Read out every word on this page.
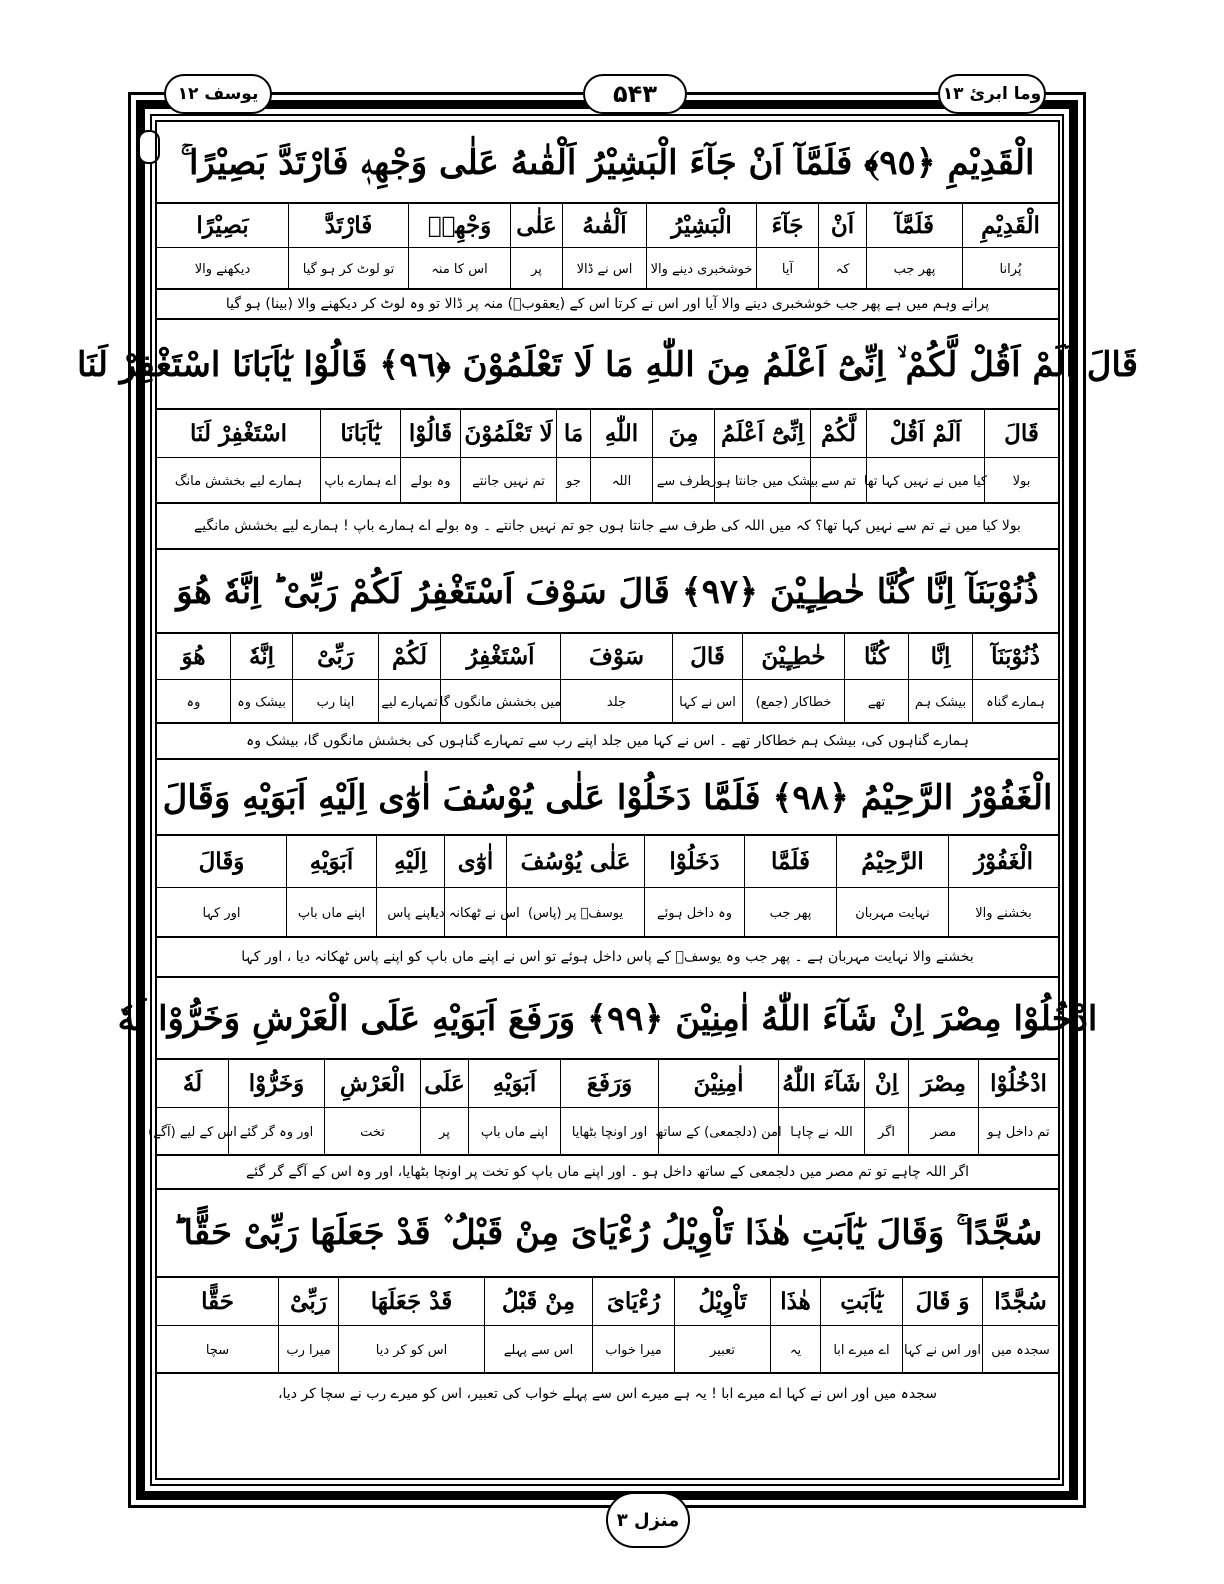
یوسف ۱۲	۵۴۳	وما ابرئ ۱۳
الْقَدِيْمِ ﴿٩٥﴾ فَلَمَّآ اَنْ جَآءَ الْبَشِيْرُ اَلْقٰىهُ عَلٰى وَجْهِهٖ فَارْتَدَّ بَصِيْرًا ۚ
الْقَدِيْمِ
فَلَمَّآ
اَنْ
جَآءَ
الْبَشِيْرُ
اَلْقٰىهُ
عَلٰى
وَجْهِهٖ
فَارْتَدَّ
بَصِيْرًا
پُرانا
پھر جب
کہ
آیا
خوشخبری دینے والا
اس نے ڈالا
پر
اس کا منہ
تو لوٹ کر ہو گیا
دیکھنے والا
پرانے وہم میں ہے پھر جب خوشخبری دینے والا آیا اور اس نے کرتا اس کے (یعقوبؑ) منہ پر ڈالا تو وہ لوٹ کر دیکھنے والا (بینا) ہو گیا
قَالَ اَلَمْ اَقُلْ لَّكُمْ ۙ اِنِّىْٓ اَعْلَمُ مِنَ اللّٰهِ مَا لَا تَعْلَمُوْنَ ﴿٩٦﴾ قَالُوْا يٰٓاَبَانَا اسْتَغْفِرْ لَنَا
قَالَ
اَلَمْ اَقُلْ
لَّكُمْ
اِنِّىْٓ اَعْلَمُ
مِنَ
اللّٰهِ
مَا
لَا تَعْلَمُوْنَ
قَالُوْا
يٰٓاَبَانَا
اسْتَغْفِرْ لَنَا
بولا
کیا میں نے نہیں کہا تھا
تم سے
بیشک میں جانتا ہوں
طرف سے
اللہ
جو
تم نہیں جانتے
وہ بولے
اے ہمارے باپ
ہمارے لیے بخشش مانگ
بولا کیا میں نے تم سے نہیں کہا تھا؟ کہ میں اللہ کی طرف سے جانتا ہوں جو تم نہیں جانتے ۔ وہ بولے اے ہمارے باپ ! ہمارے لیے بخشش مانگیے
ذُنُوْبَنَآ اِنَّا كُنَّا خٰطِـِٕيْنَ ﴿٩٧﴾ قَالَ سَوْفَ اَسْتَغْفِرُ لَكُمْ رَبِّىْ ؕ اِنَّهٗ هُوَ
ذُنُوْبَنَآ
اِنَّا
كُنَّا
خٰطِـِٕيْنَ
قَالَ
سَوْفَ
اَسْتَغْفِرُ
لَكُمْ
رَبِّىْ
اِنَّهٗ
هُوَ
ہمارے گناہ
بیشک ہم
تھے
خطاکار (جمع)
اس نے کہا
جلد
میں بخشش مانگوں گا
تمہارے لیے
اپنا رب
بیشک وہ
وہ
ہمارے گناہوں کی، بیشک ہم خطاکار تھے ۔ اس نے کہا میں جلد اپنے رب سے تمہارے گناہوں کی بخشش مانگوں گا، بیشک وہ
الْغَفُوْرُ الرَّحِيْمُ ﴿٩٨﴾ فَلَمَّا دَخَلُوْا عَلٰى يُوْسُفَ اٰوٰٓى اِلَيْهِ اَبَوَيْهِ وَقَالَ
الْغَفُوْرُ
الرَّحِيْمُ
فَلَمَّا
دَخَلُوْا
عَلٰى يُوْسُفَ
اٰوٰٓى
اِلَيْهِ
اَبَوَيْهِ
وَقَالَ
بخشنے والا
نہایت مہربان
پھر جب
وہ داخل ہوئے
یوسفؑ پر (پاس)
اس نے ٹھکانہ دیا
اپنے پاس
اپنے ماں باپ
اور کہا
بخشنے والا نہایت مہربان ہے ۔ پھر جب وہ یوسفؑ کے پاس داخل ہوئے تو اس نے اپنے ماں باپ کو اپنے پاس ٹھکانہ دیا ، اور کہا
ادْخُلُوْا مِصْرَ اِنْ شَآءَ اللّٰهُ اٰمِنِيْنَ ﴿٩٩﴾ وَرَفَعَ اَبَوَيْهِ عَلَى الْعَرْشِ وَخَرُّوْا لَهٗ
ادْخُلُوْا
مِصْرَ
اِنْ
شَآءَ اللّٰهُ
اٰمِنِيْنَ
وَرَفَعَ
اَبَوَيْهِ
عَلَى
الْعَرْشِ
وَخَرُّوْا
لَهٗ
تم داخل ہو
مصر
اگر
اللہ نے چاہا
امن (دلجمعی) کے ساتھ
اور اونچا بٹھایا
اپنے ماں باپ
پر
تخت
اور وہ گر گئے
اس کے لیے (آگے)
اگر اللہ چاہے تو تم مصر میں دلجمعی کے ساتھ داخل ہو ۔ اور اپنے ماں باپ کو تخت پر اونچا بٹھایا، اور وہ اس کے آگے گر گئے
سُجَّدًا ۚ وَقَالَ يٰٓاَبَتِ هٰذَا تَاْوِيْلُ رُءْيَاىَ مِنْ قَبْلُ ۫ قَدْ جَعَلَهَا رَبِّىْ حَقًّا ؕ
سُجَّدًا
وَ قَالَ
يٰٓاَبَتِ
هٰذَا
تَاْوِيْلُ
رُءْيَاىَ
مِنْ قَبْلُ
قَدْ جَعَلَهَا
رَبِّىْ
حَقًّا
سجدہ میں
اور اس نے کہا
اے میرے ابا
یہ
تعبیر
میرا خواب
اس سے پہلے
اس کو کر دیا
میرا رب
سچا
سجدہ میں اور اس نے کہا اے میرے ابا ! یہ ہے میرے اس سے پہلے خواب کی تعبیر، اس کو میرے رب نے سچا کر دیا،
منزل ۳
